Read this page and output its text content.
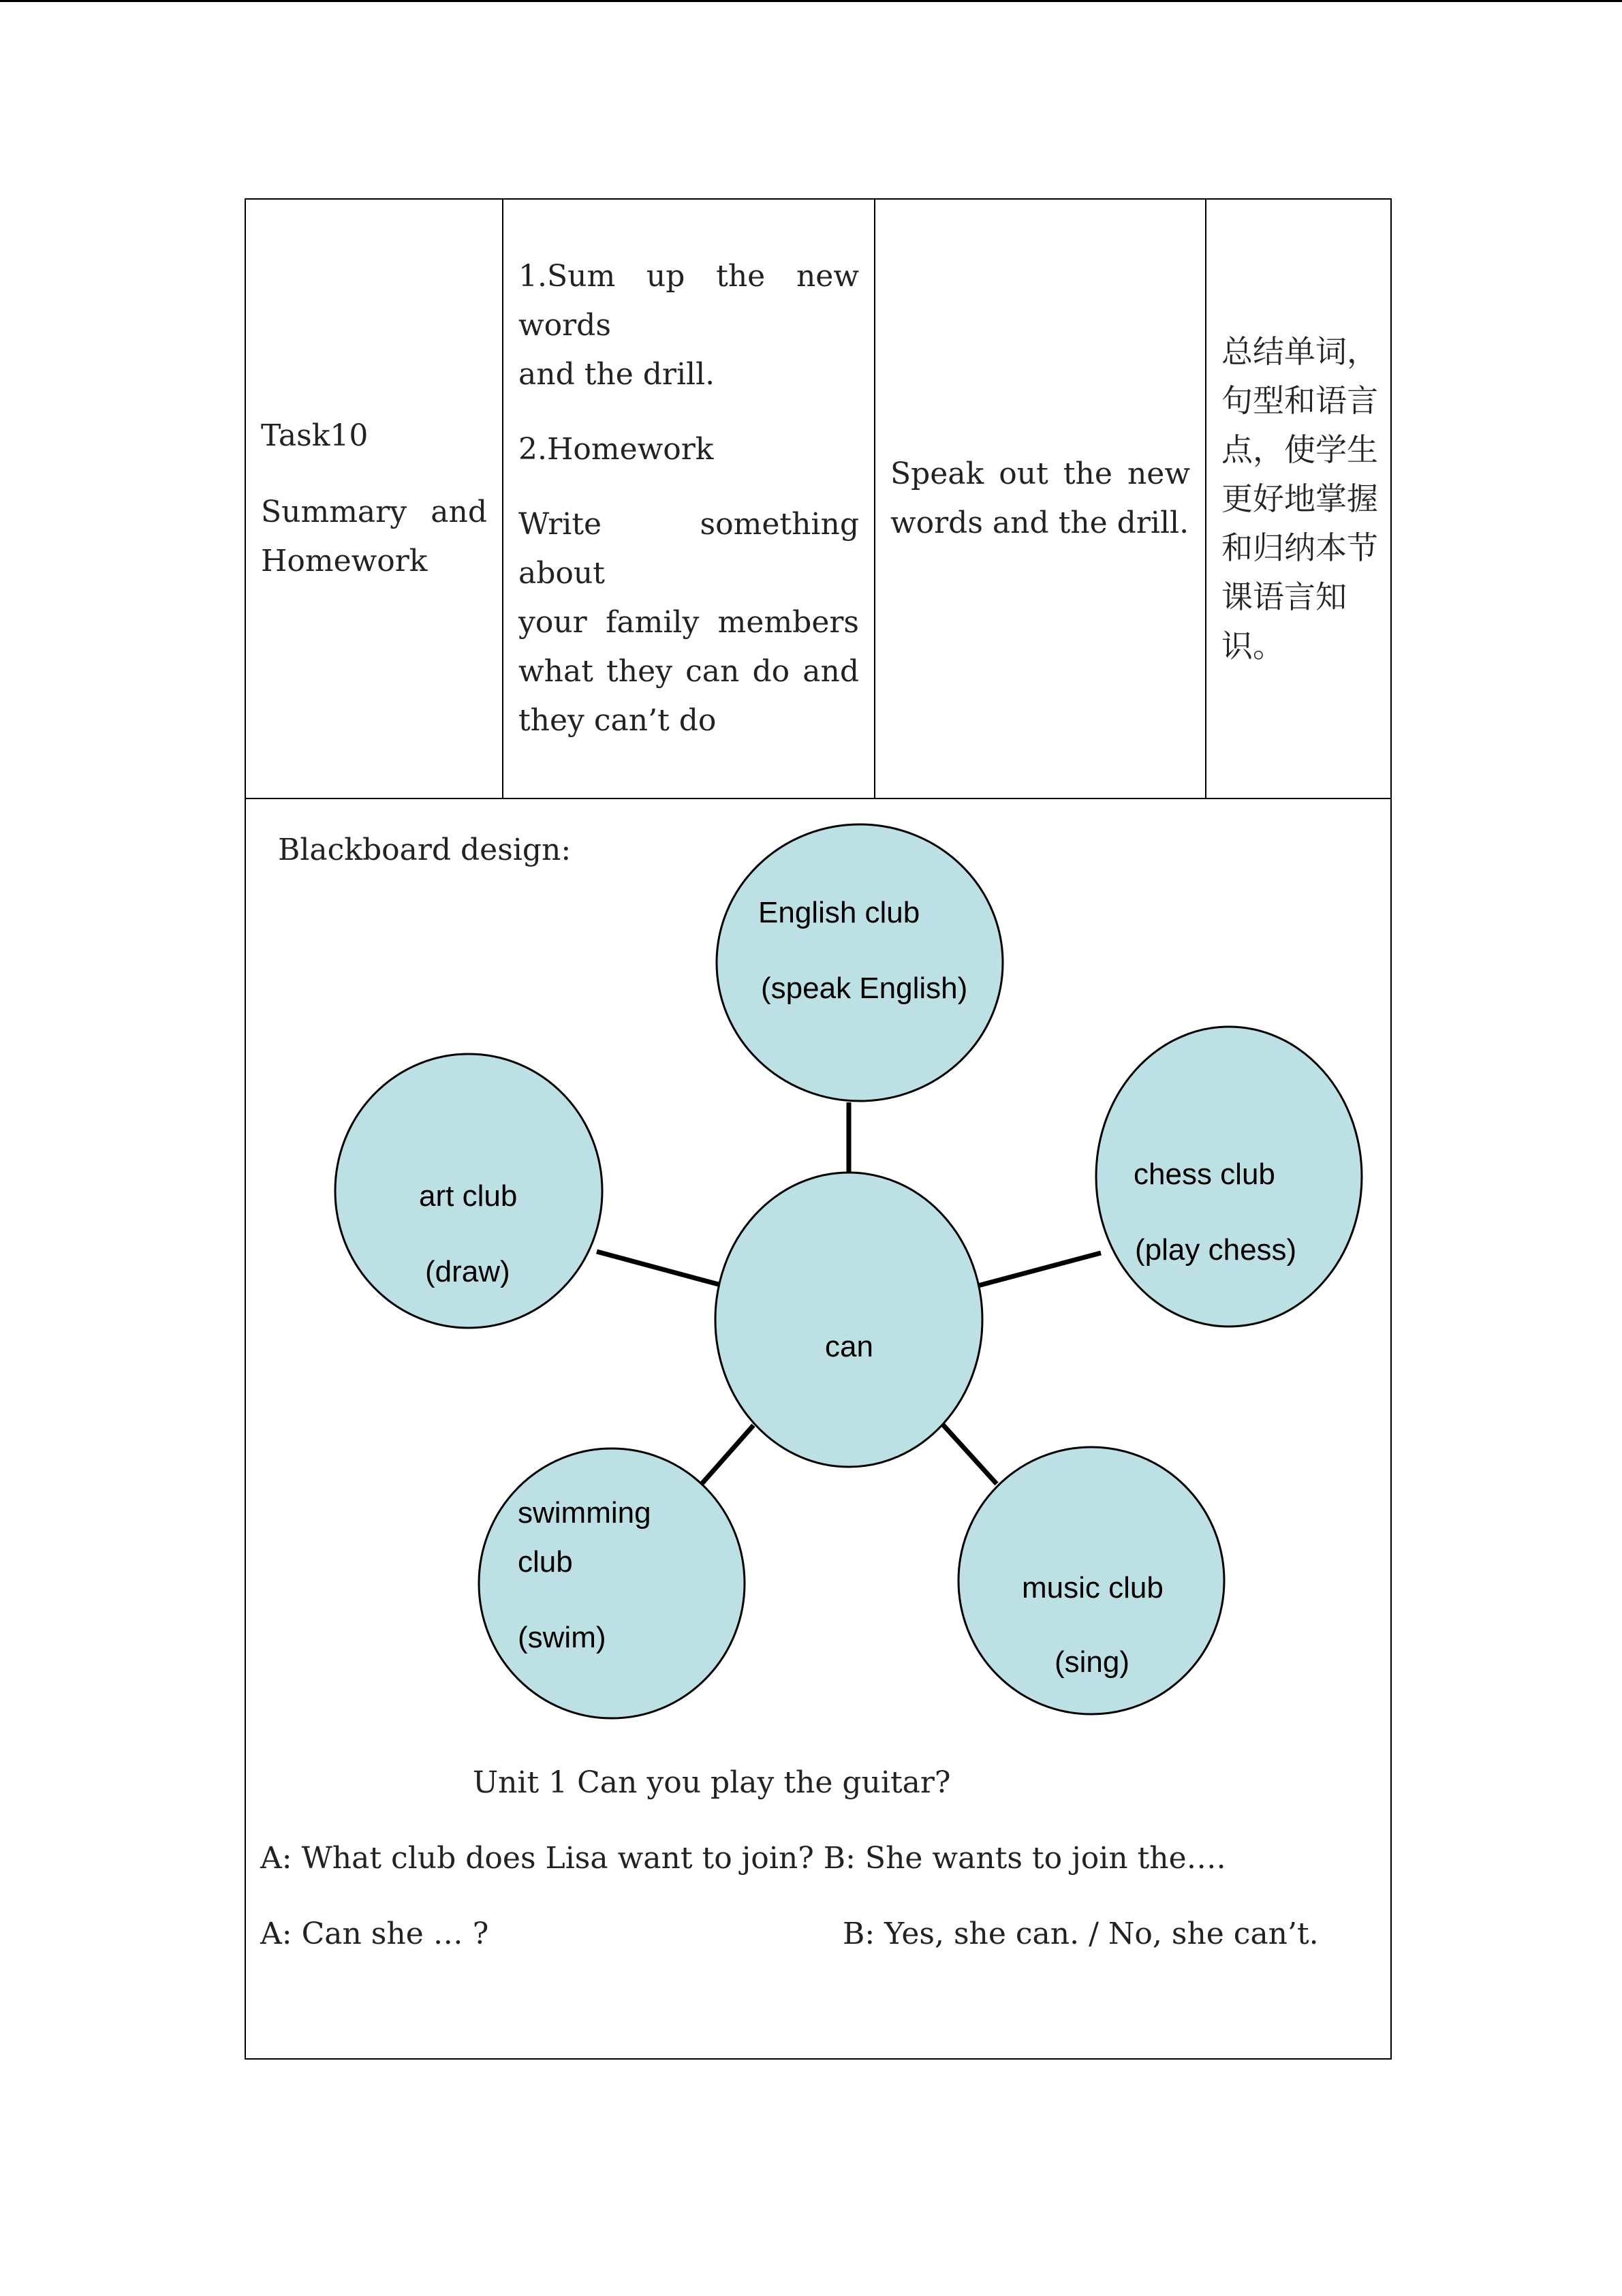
Task10

Summary and

Homework

1.Sum up the new words

and the drill.

2.Homework

Write something about

your family members

what they can do and

they can’t do

Speak out the new

words and the drill.

总结单词，

句型和语言

点，使学生

更好地掌握

和归纳本节

课语言知

识。

Blackboard design:
English club
(speak English)
chess club
(play chess)
art club
(draw)
can
swimming
club
(swim)
music club
(sing)
Unit 1 Can you play the guitar?
A: What club does Lisa want to join? B: She wants to join the….
A: Can she … ?	B: Yes, she can. / No, she can’t.
